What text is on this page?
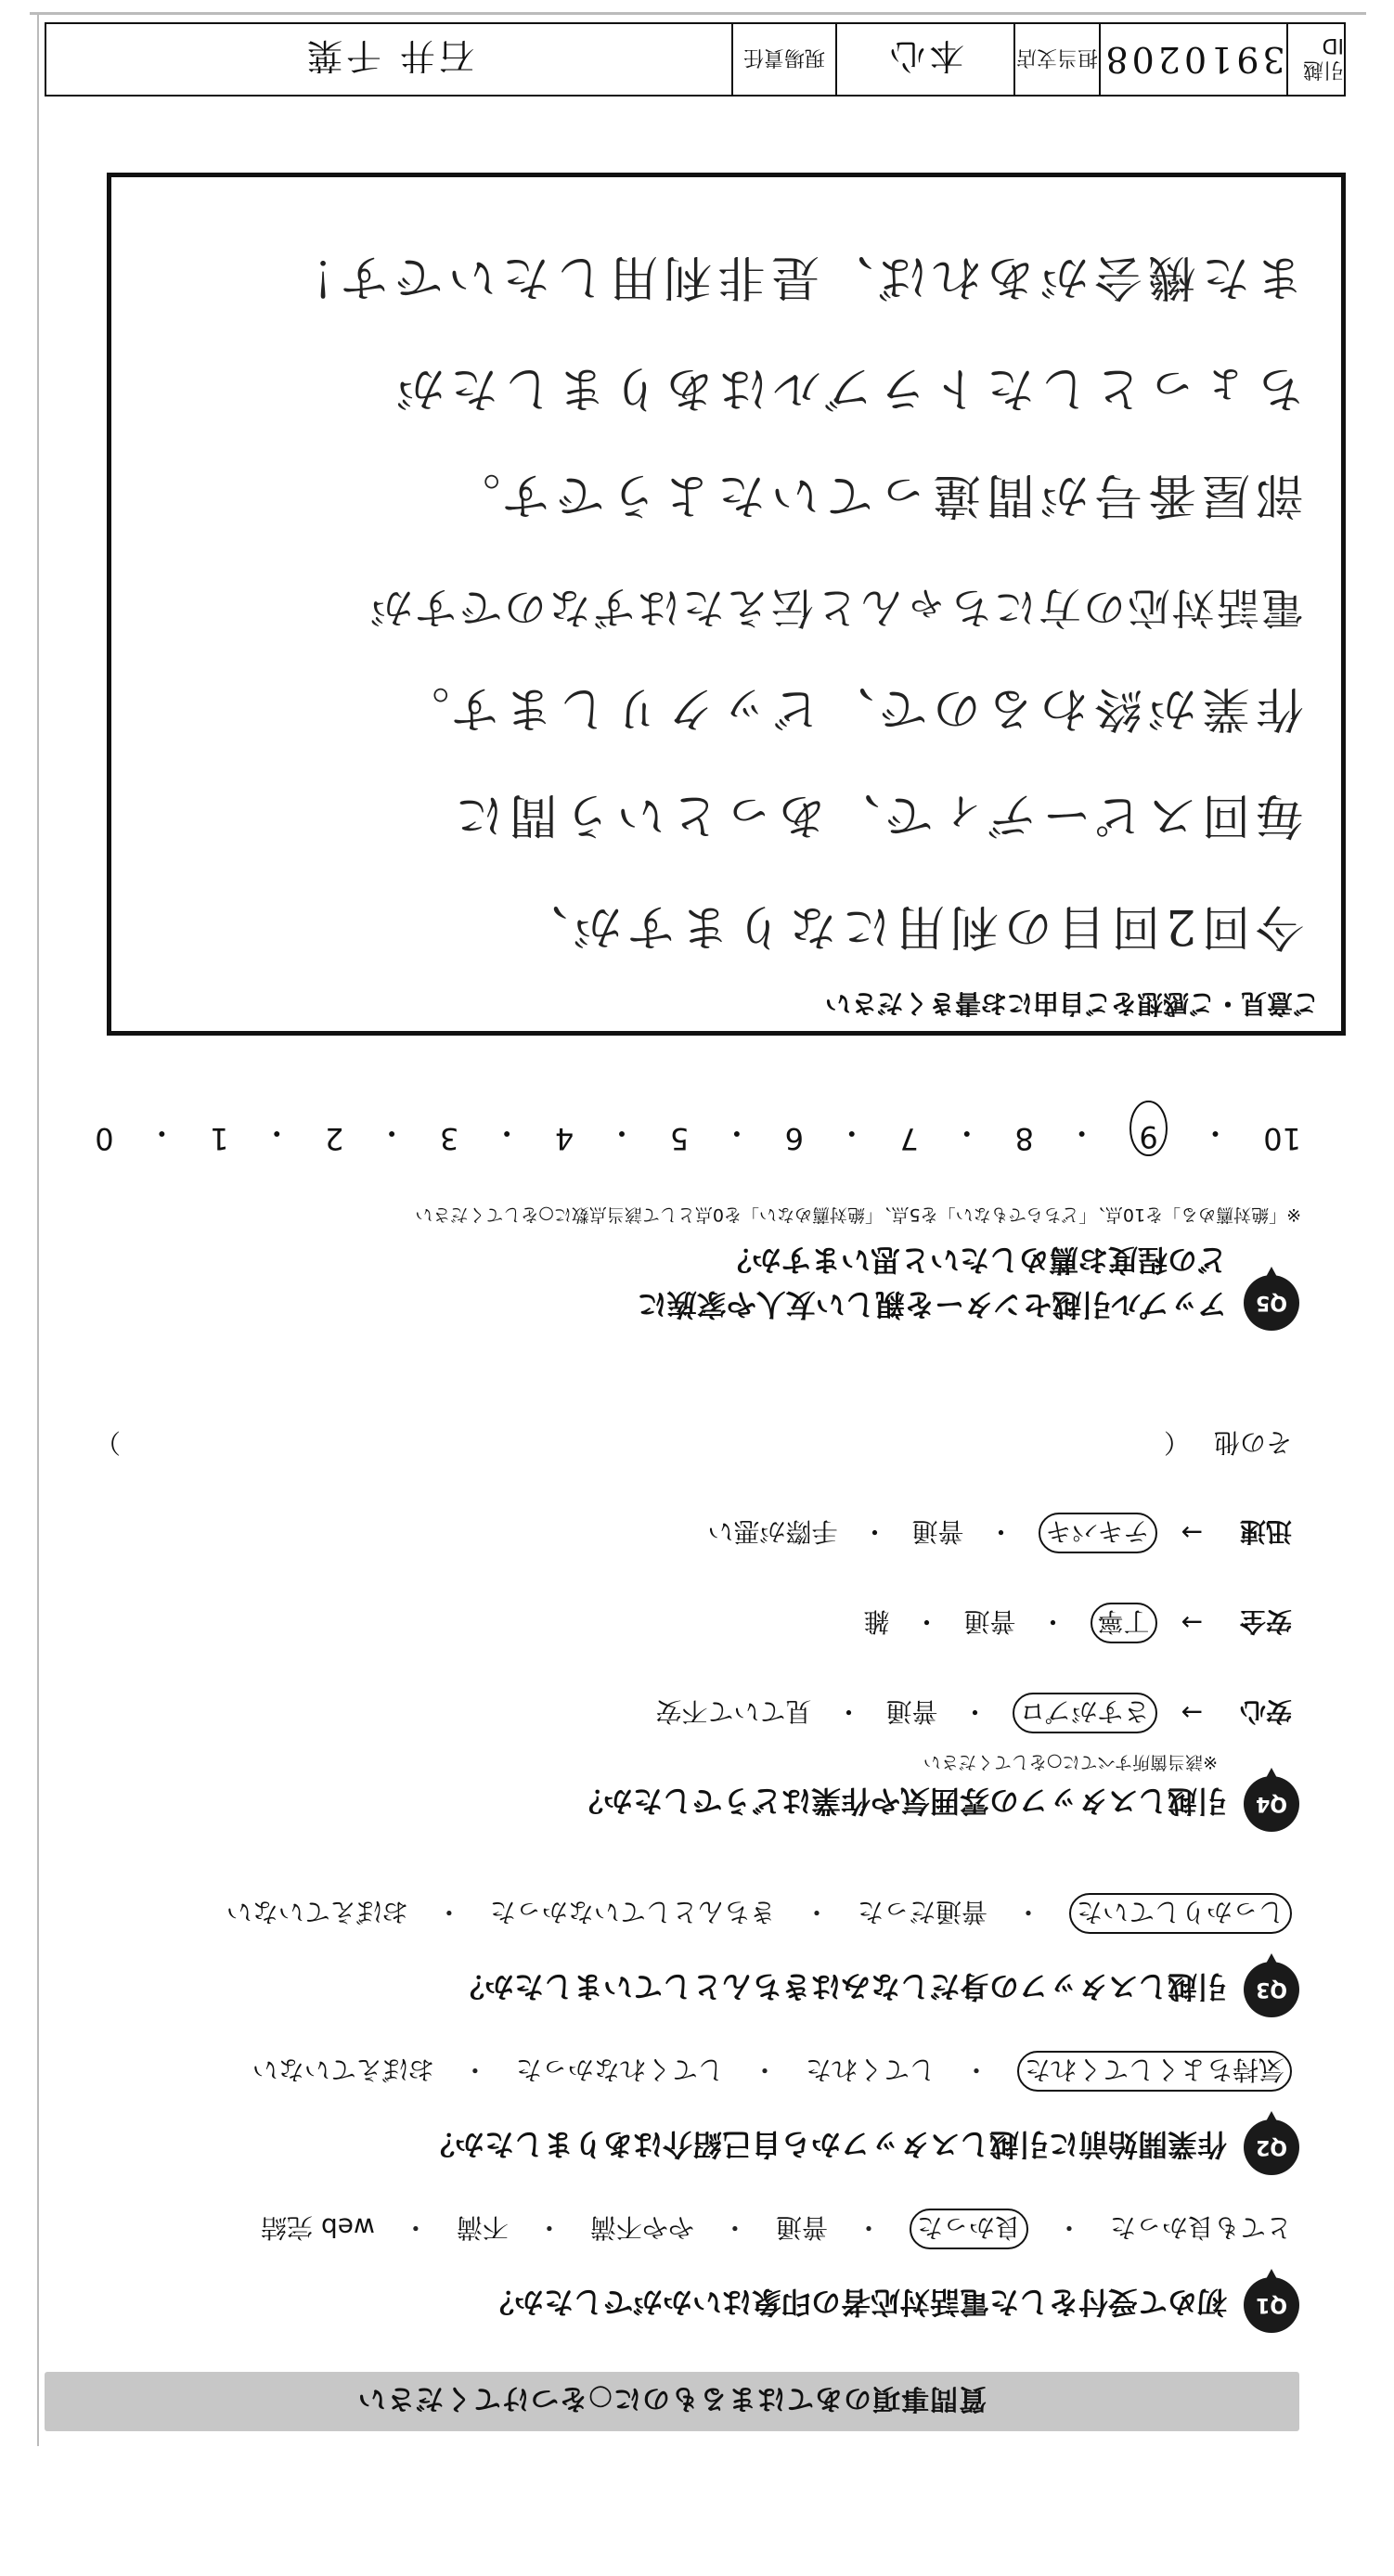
質問事項のあてはまるものに○をつけてください
Q1
初めて受付をした電話対応者の印象はいかがでしたか？
とても良かった
・
良かった
・
普通
・
やや不満
・
不満
・
web 完結
Q2
作業開始前に引越しスタッフから自己紹介はありましたか？
気持ちよくしてくれた
・
してくれた
・
してくれなかった
・
おぼえていない
Q3
引越しスタッフの身だしなみはきちんとしていましたか？
しっかりしていた
・
普通だった
・
きちんとしていなかった
・
おぼえていない
Q4
引越しスタッフの雰囲気や作業はどうでしたか？
※該当箇所すべてに○をしてください
安心
→
さすがプロ
・
普通
・
見ていて不安
安全
→
丁寧
・
普通
・
雑
迅速
→
テキパキ
・
普通
・
手際が悪い
その他
（
）
Q5
アップル引越センターを親しい友人や家族に
どの程度お薦めしたいと思いますか？
※「絶対薦める」を10点、「どちらでもない」を5点、「絶対薦めない」を0点として該当点数に○をしてください
10
・
9
・
8
・
7
・
6
・
5
・
4
・
3
・
2
・
1
・
0
ご意見・ご感想をご自由にお書きください
今回2回目の利用になりますが、
毎回スピーディで、あっという間に
作業が終わるので、ビックリします。
電話対応の方にちゃんと伝えたはずなのですが
部屋番号が間違っていたようです。
ちょっとしたトラブルはありましたが
また機会があれば、是非利用したいです！
引越ID
3910208
担当支店
本心
現場責任
石井 千葉
